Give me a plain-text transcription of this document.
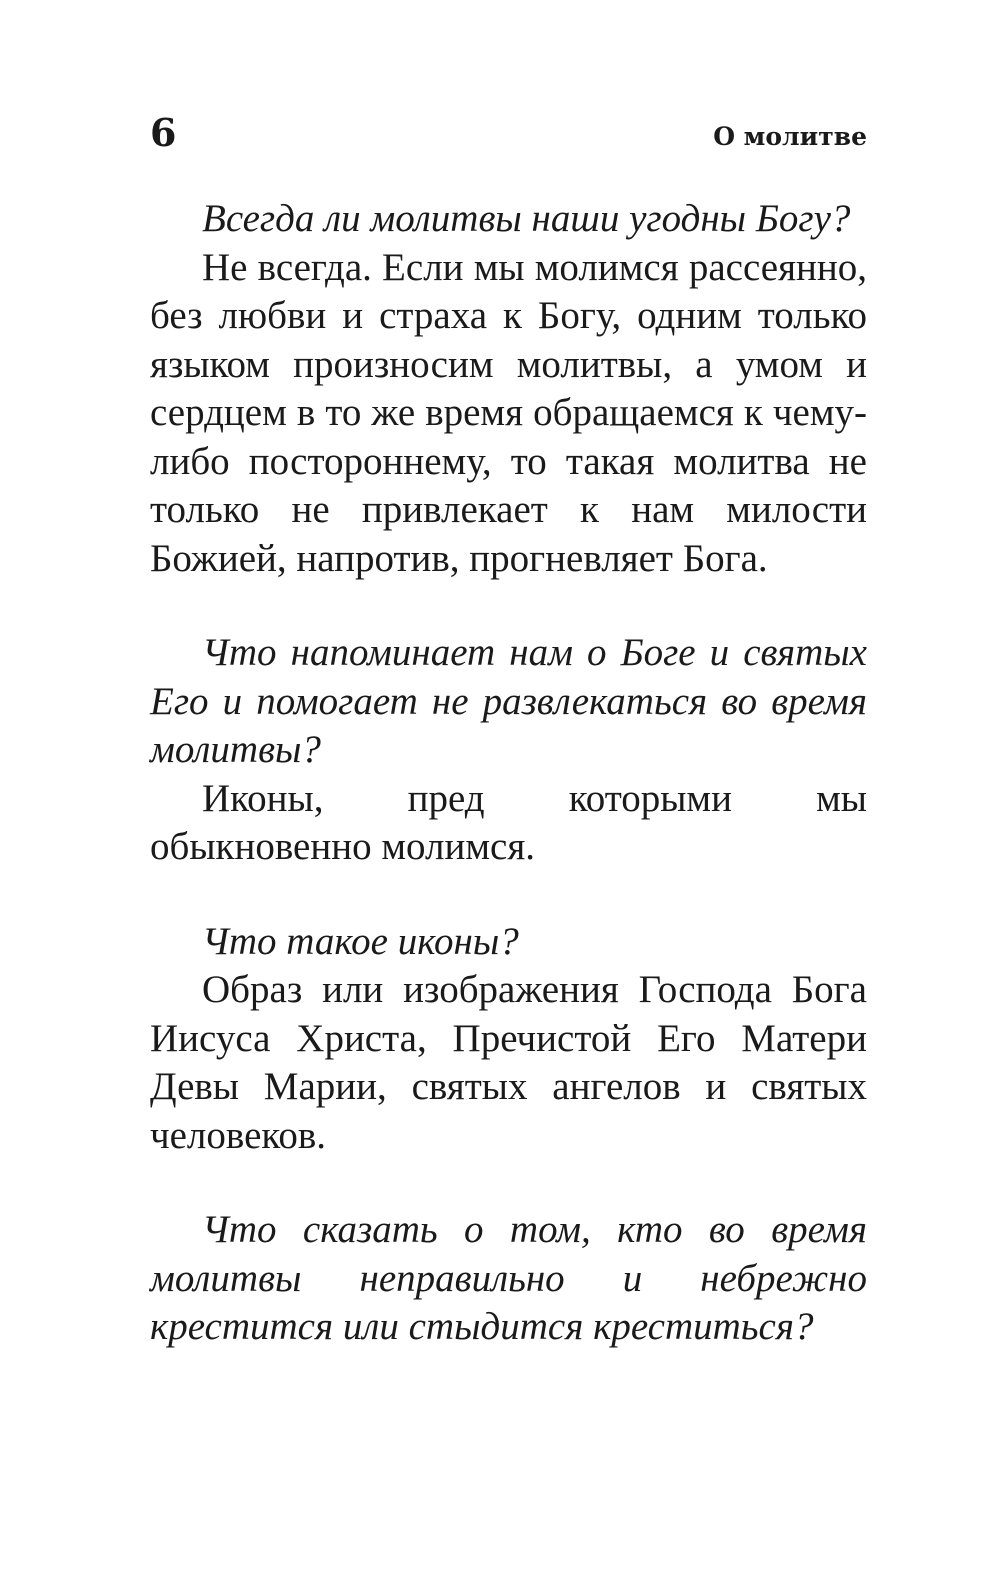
6	О молитве

Всегда ли молитвы наши угодны Богу?

Не всегда. Если мы молимся рассеянно, без любви и страха к Богу, одним только языком произносим молитвы, а умом и сердцем в то же время обращаемся к чему-либо постороннему, то такая молитва не только не привлекает к нам милости Божией, напротив, прогневляет Бога.

Что напоминает нам о Боге и святых Его и помогает не развлекаться во время молитвы?

Иконы, пред которыми мы обыкновенно молимся.

Что такое иконы?

Образ или изображения Господа Бога Иисуса Христа, Пречистой Его Матери Девы Марии, святых ангелов и святых человеков.

Что сказать о том, кто во время молитвы неправильно и небрежно крестится или стыдится креститься?
